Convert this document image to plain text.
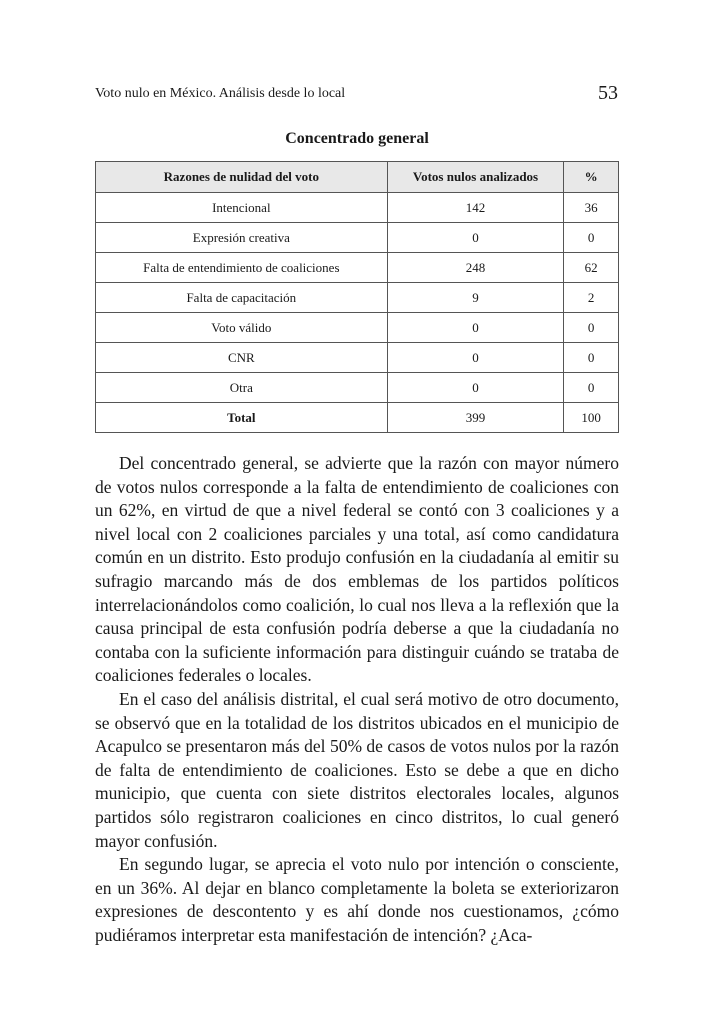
Voto nulo en México. Análisis desde lo local	53
Concentrado general
Razones de nulidad del voto	Votos nulos analizados	%
Intencional	142	36
Expresión creativa	0	0
Falta de entendimiento de coaliciones	248	62
Falta de capacitación	9	2
Voto válido	0	0
CNR	0	0
Otra	0	0
Total	399	100

Del concentrado general, se advierte que la razón con mayor número de votos nulos corresponde a la falta de entendimiento de coaliciones con un 62%, en virtud de que a nivel federal se contó con 3 coaliciones y a nivel local con 2 coaliciones parciales y una total, así como candidatura común en un distrito. Esto produjo confusión en la ciudadanía al emitir su sufragio marcando más de dos emblemas de los partidos políticos interrelacionándolos como coalición, lo cual nos lleva a la reflexión que la causa principal de esta confusión podría deberse a que la ciudadanía no contaba con la suficiente información para distinguir cuándo se trataba de coaliciones federales o locales.

En el caso del análisis distrital, el cual será motivo de otro documento, se observó que en la totalidad de los distritos ubicados en el municipio de Acapulco se presentaron más del 50% de casos de votos nulos por la razón de falta de entendimiento de coaliciones. Esto se debe a que en dicho municipio, que cuenta con siete distritos electorales locales, algunos partidos sólo registraron coaliciones en cinco distritos, lo cual generó mayor confusión.

En segundo lugar, se aprecia el voto nulo por intención o consciente, en un 36%. Al dejar en blanco completamente la boleta se exteriorizaron expresiones de descontento y es ahí donde nos cuestionamos, ¿cómo pudiéramos interpretar esta manifestación de intención? ¿Aca-
